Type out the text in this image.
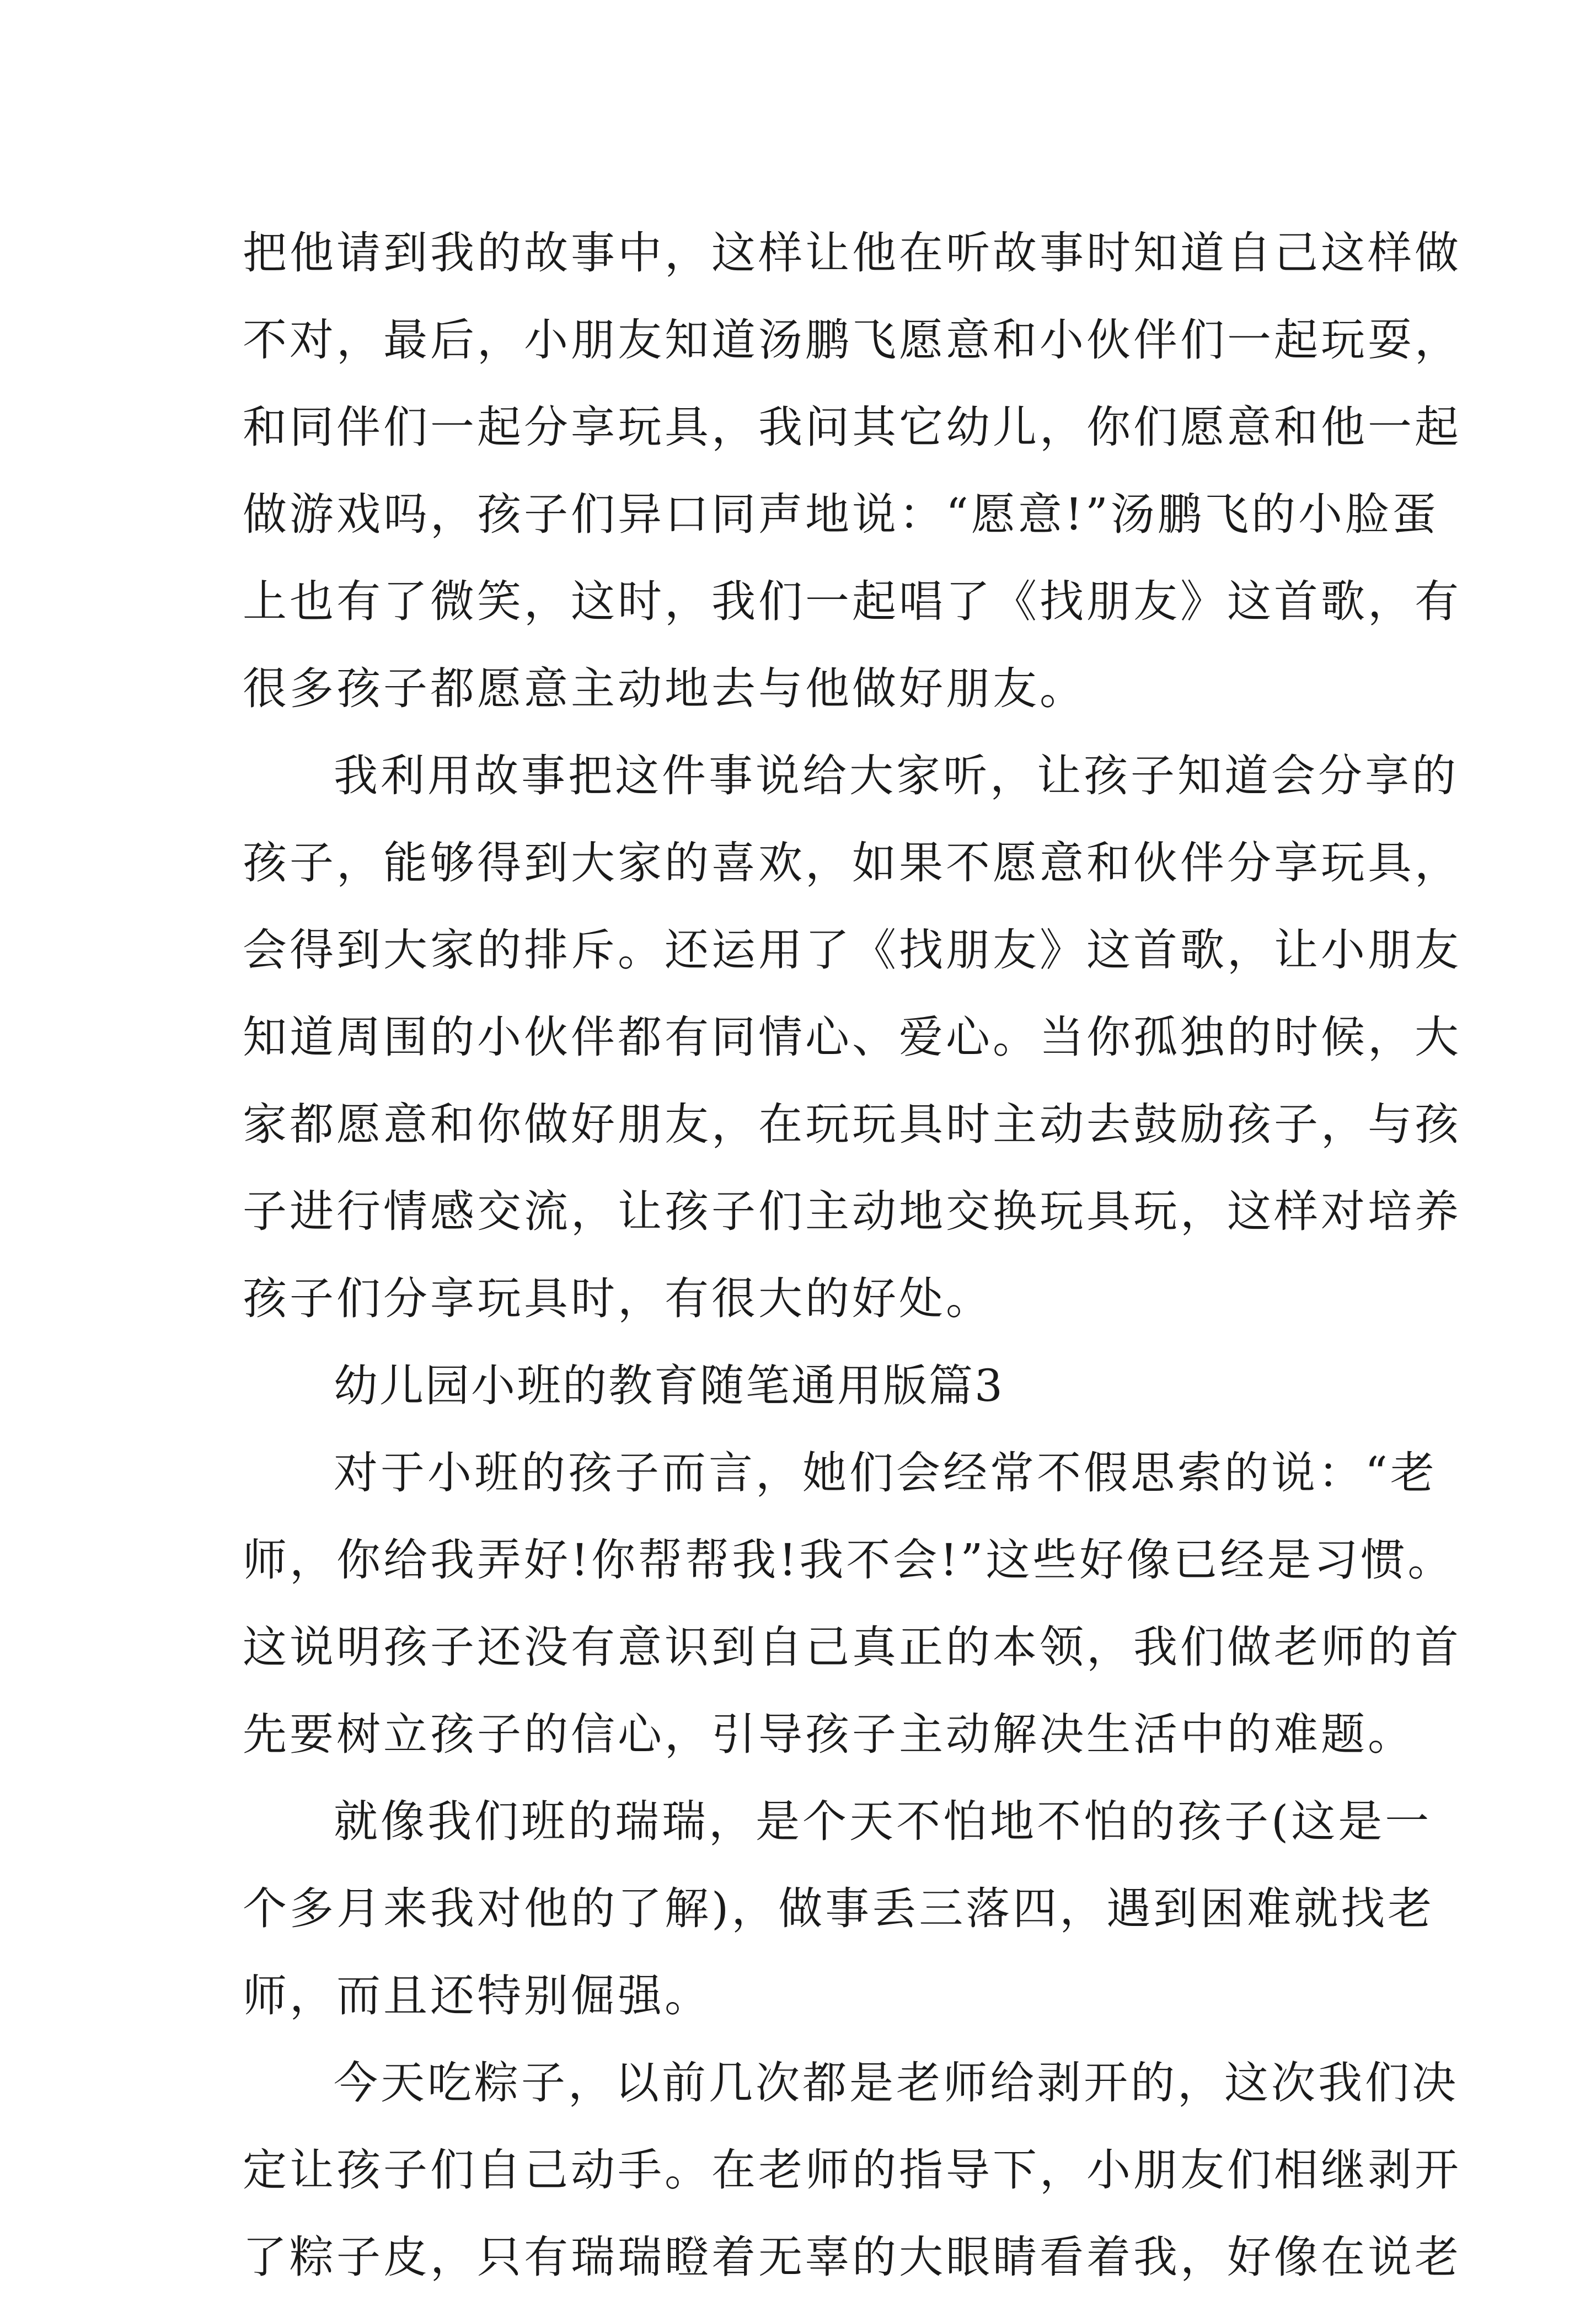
把他请到我的故事中，这样让他在听故事时知道自己这样做
不对，最后，小朋友知道汤鹏飞愿意和小伙伴们一起玩耍，
和同伴们一起分享玩具，我问其它幼儿，你们愿意和他一起
做游戏吗，孩子们异口同声地说：“愿意!”汤鹏飞的小脸蛋
上也有了微笑，这时，我们一起唱了《找朋友》这首歌，有
很多孩子都愿意主动地去与他做好朋友。
我利用故事把这件事说给大家听，让孩子知道会分享的
孩子，能够得到大家的喜欢，如果不愿意和伙伴分享玩具，
会得到大家的排斥。还运用了《找朋友》这首歌，让小朋友
知道周围的小伙伴都有同情心、爱心。当你孤独的时候，大
家都愿意和你做好朋友，在玩玩具时主动去鼓励孩子，与孩
子进行情感交流，让孩子们主动地交换玩具玩，这样对培养
孩子们分享玩具时，有很大的好处。
幼儿园小班的教育随笔通用版篇3
对于小班的孩子而言，她们会经常不假思索的说：“老
师，你给我弄好!你帮帮我!我不会!”这些好像已经是习惯。
这说明孩子还没有意识到自己真正的本领，我们做老师的首
先要树立孩子的信心，引导孩子主动解决生活中的难题。
就像我们班的瑞瑞，是个天不怕地不怕的孩子(这是一
个多月来我对他的了解)，做事丢三落四，遇到困难就找老
师，而且还特别倔强。
今天吃粽子，以前几次都是老师给剥开的，这次我们决
定让孩子们自己动手。在老师的指导下，小朋友们相继剥开
了粽子皮，只有瑞瑞瞪着无辜的大眼睛看着我，好像在说老
